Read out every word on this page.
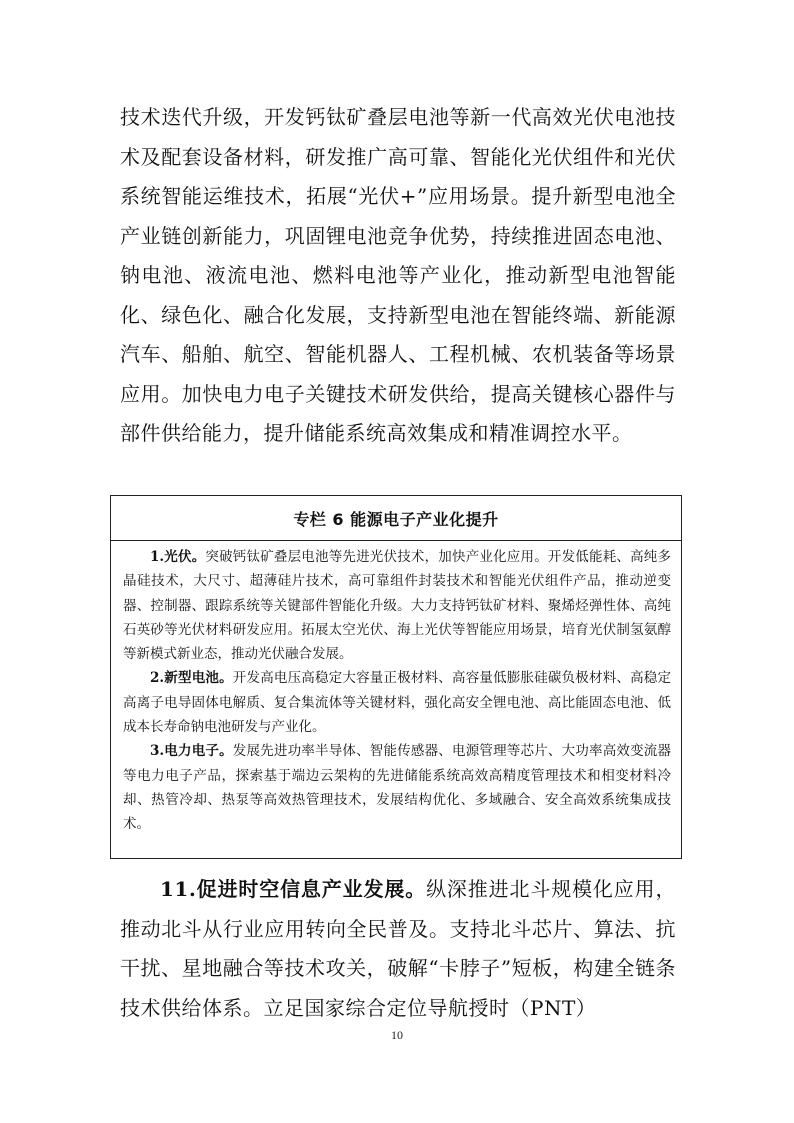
技术迭代升级，开发钙钛矿叠层电池等新一代高效光伏电池技术及配套设备材料，研发推广高可靠、智能化光伏组件和光伏系统智能运维技术，拓展“光伏+”应用场景。提升新型电池全产业链创新能力，巩固锂电池竞争优势，持续推进固态电池、钠电池、液流电池、燃料电池等产业化，推动新型电池智能化、绿色化、融合化发展，支持新型电池在智能终端、新能源汽车、船舶、航空、智能机器人、工程机械、农机装备等场景应用。加快电力电子关键技术研发供给，提高关键核心器件与部件供给能力，提升储能系统高效集成和精准调控水平。

专栏 6 能源电子产业化提升

1.光伏。突破钙钛矿叠层电池等先进光伏技术，加快产业化应用。开发低能耗、高纯多晶硅技术，大尺寸、超薄硅片技术，高可靠组件封装技术和智能光伏组件产品，推动逆变器、控制器、跟踪系统等关键部件智能化升级。大力支持钙钛矿材料、聚烯烃弹性体、高纯石英砂等光伏材料研发应用。拓展太空光伏、海上光伏等智能应用场景，培育光伏制氢氨醇等新模式新业态，推动光伏融合发展。

2.新型电池。开发高电压高稳定大容量正极材料、高容量低膨胀硅碳负极材料、高稳定高离子电导固体电解质、复合集流体等关键材料，强化高安全锂电池、高比能固态电池、低成本长寿命钠电池研发与产业化。

3.电力电子。发展先进功率半导体、智能传感器、电源管理等芯片、大功率高效变流器等电力电子产品，探索基于端边云架构的先进储能系统高效高精度管理技术和相变材料冷却、热管冷却、热泵等高效热管理技术，发展结构优化、多域融合、安全高效系统集成技术。

11.促进时空信息产业发展。纵深推进北斗规模化应用，推动北斗从行业应用转向全民普及。支持北斗芯片、算法、抗干扰、星地融合等技术攻关，破解“卡脖子”短板，构建全链条技术供给体系。立足国家综合定位导航授时（PNT）

10
